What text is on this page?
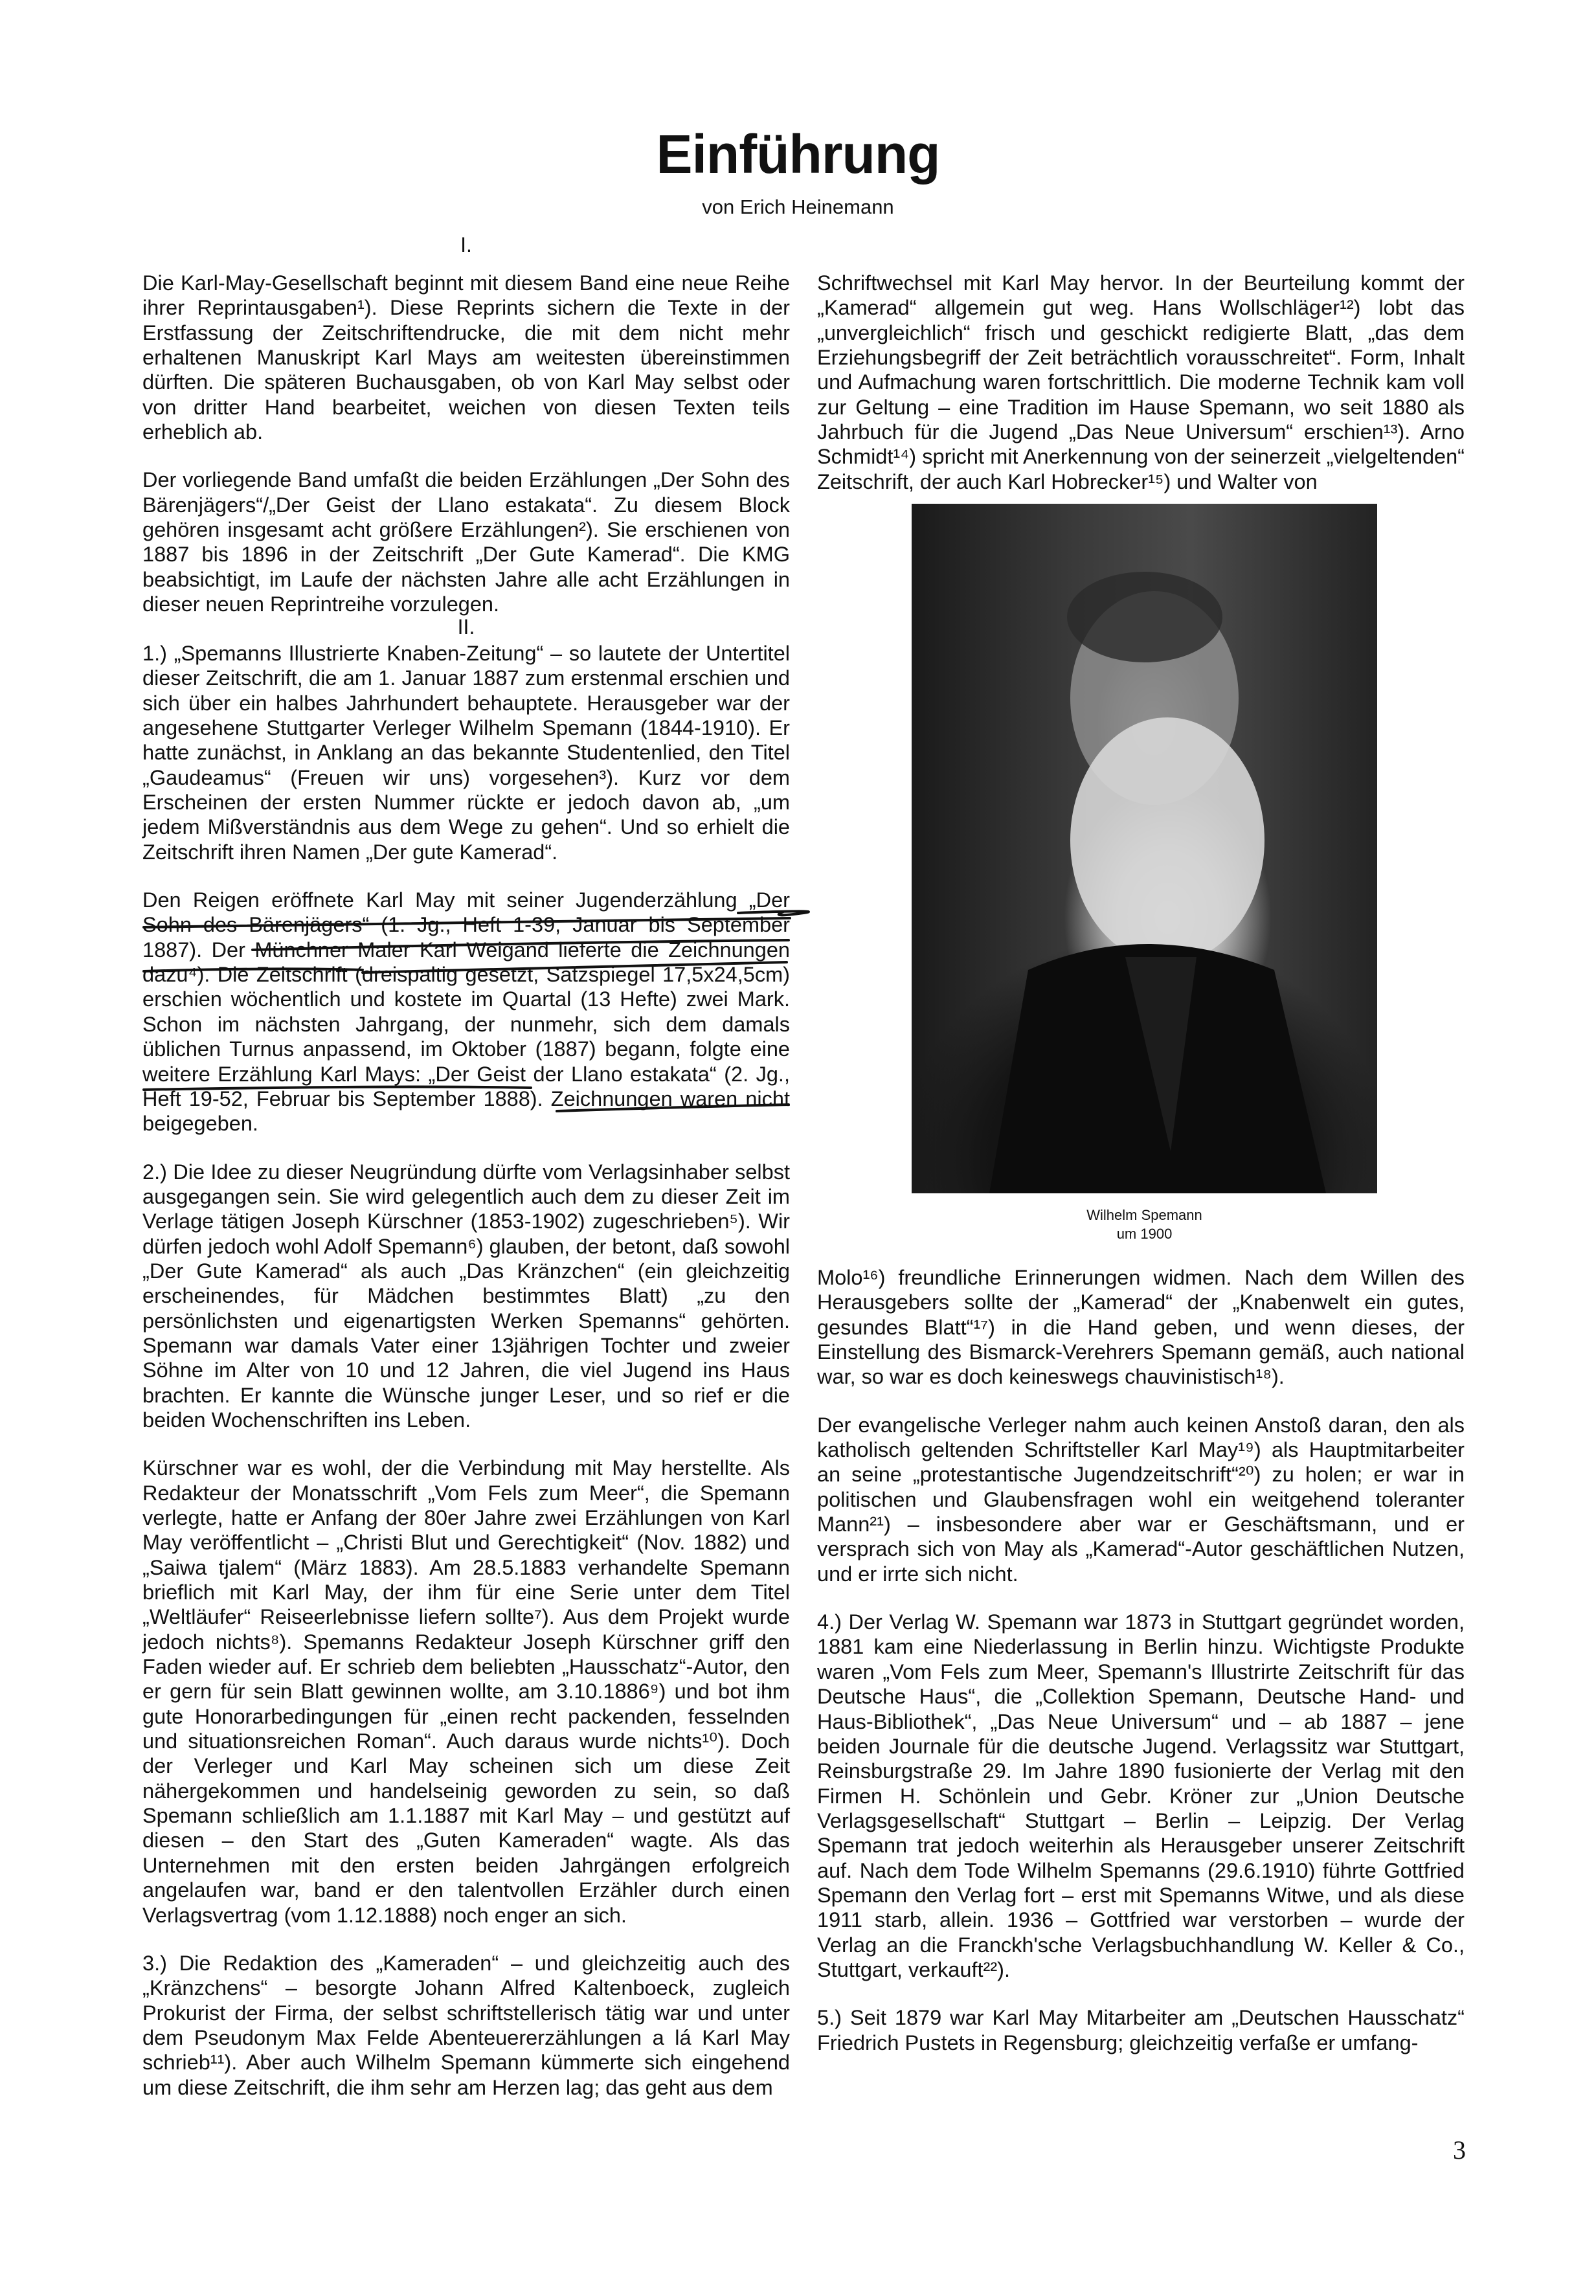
Einführung
von Erich Heinemann
I.

Die Karl-May-Gesellschaft beginnt mit diesem Band eine neue Reihe ihrer Reprintausgaben¹). Diese Reprints sichern die Texte in der Erstfassung der Zeitschriftendrucke, die mit dem nicht mehr erhaltenen Manuskript Karl Mays am weitesten übereinstimmen dürften. Die späteren Buchausgaben, ob von Karl May selbst oder von dritter Hand bearbeitet, weichen von diesen Texten teils erheblich ab.

Der vorliegende Band umfaßt die beiden Erzählungen „Der Sohn des Bärenjägers“/„Der Geist der Llano estakata“. Zu diesem Block gehören insgesamt acht größere Erzählungen²). Sie erschienen von 1887 bis 1896 in der Zeitschrift „Der Gute Kamerad“. Die KMG beabsichtigt, im Laufe der nächsten Jahre alle acht Erzählungen in dieser neuen Reprintreihe vorzulegen.

II.

1.) „Spemanns Illustrierte Knaben-Zeitung“ – so lautete der Untertitel dieser Zeitschrift, die am 1. Januar 1887 zum erstenmal erschien und sich über ein halbes Jahrhundert behauptete. Herausgeber war der angesehene Stuttgarter Verleger Wilhelm Spemann (1844-1910). Er hatte zunächst, in Anklang an das bekannte Studentenlied, den Titel „Gaudeamus“ (Freuen wir uns) vorgesehen³). Kurz vor dem Erscheinen der ersten Nummer rückte er jedoch davon ab, „um jedem Mißverständnis aus dem Wege zu gehen“. Und so erhielt die Zeitschrift ihren Namen „Der gute Kamerad“.

Den Reigen eröffnete Karl May mit seiner Jugenderzählung „Der Sohn des Bärenjägers“ (1. Jg., Heft 1-39, Januar bis September 1887). Der Münchner Maler Karl Weigand lieferte die Zeichnungen dazu⁴). Die Zeitschrift (dreispaltig gesetzt, Satzspiegel 17,5x24,5cm) erschien wöchentlich und kostete im Quartal (13 Hefte) zwei Mark. Schon im nächsten Jahrgang, der nunmehr, sich dem damals üblichen Turnus anpassend, im Oktober (1887) begann, folgte eine weitere Erzählung Karl Mays: „Der Geist der Llano estakata“ (2. Jg., Heft 19-52, Februar bis September 1888). Zeichnungen waren nicht beigegeben.

2.) Die Idee zu dieser Neugründung dürfte vom Verlagsinhaber selbst ausgegangen sein. Sie wird gelegentlich auch dem zu dieser Zeit im Verlage tätigen Joseph Kürschner (1853-1902) zugeschrieben⁵). Wir dürfen jedoch wohl Adolf Spemann⁶) glauben, der betont, daß sowohl „Der Gute Kamerad“ als auch „Das Kränzchen“ (ein gleichzeitig erscheinendes, für Mädchen bestimmtes Blatt) „zu den persönlichsten und eigenartigsten Werken Spemanns“ gehörten. Spemann war damals Vater einer 13jährigen Tochter und zweier Söhne im Alter von 10 und 12 Jahren, die viel Jugend ins Haus brachten. Er kannte die Wünsche junger Leser, und so rief er die beiden Wochenschriften ins Leben.

Kürschner war es wohl, der die Verbindung mit May herstellte. Als Redakteur der Monatsschrift „Vom Fels zum Meer“, die Spemann verlegte, hatte er Anfang der 80er Jahre zwei Erzählungen von Karl May veröffentlicht – „Christi Blut und Gerechtigkeit“ (Nov. 1882) und „Saiwa tjalem“ (März 1883). Am 28.5.1883 verhandelte Spemann brieflich mit Karl May, der ihm für eine Serie unter dem Titel „Weltläufer“ Reiseerlebnisse liefern sollte⁷). Aus dem Projekt wurde jedoch nichts⁸). Spemanns Redakteur Joseph Kürschner griff den Faden wieder auf. Er schrieb dem beliebten „Hausschatz“-Autor, den er gern für sein Blatt gewinnen wollte, am 3.10.1886⁹) und bot ihm gute Honorarbedingungen für „einen recht packenden, fesselnden und situationsreichen Roman“. Auch daraus wurde nichts¹⁰). Doch der Verleger und Karl May scheinen sich um diese Zeit nähergekommen und handelseinig geworden zu sein, so daß Spemann schließlich am 1.1.1887 mit Karl May – und gestützt auf diesen – den Start des „Guten Kameraden“ wagte. Als das Unternehmen mit den ersten beiden Jahrgängen erfolgreich angelaufen war, band er den talentvollen Erzähler durch einen Verlagsvertrag (vom 1.12.1888) noch enger an sich.

3.) Die Redaktion des „Kameraden“ – und gleichzeitig auch des „Kränzchens“ – besorgte Johann Alfred Kaltenboeck, zugleich Prokurist der Firma, der selbst schriftstellerisch tätig war und unter dem Pseudonym Max Felde Abenteuererzählungen a lá Karl May schrieb¹¹). Aber auch Wilhelm Spemann kümmerte sich eingehend um diese Zeitschrift, die ihm sehr am Herzen lag; das geht aus dem

Schriftwechsel mit Karl May hervor. In der Beurteilung kommt der „Kamerad“ allgemein gut weg. Hans Wollschläger¹²) lobt das „unvergleichlich“ frisch und geschickt redigierte Blatt, „das dem Erziehungsbegriff der Zeit beträchtlich vorausschreitet“. Form, Inhalt und Aufmachung waren fortschrittlich. Die moderne Technik kam voll zur Geltung – eine Tradition im Hause Spemann, wo seit 1880 als Jahrbuch für die Jugend „Das Neue Universum“ erschien¹³). Arno Schmidt¹⁴) spricht mit Anerkennung von der seinerzeit „vielgeltenden“ Zeitschrift, der auch Karl Hobrecker¹⁵) und Walter von

Wilhelm Spemann
um 1900

Molo¹⁶) freundliche Erinnerungen widmen. Nach dem Willen des Herausgebers sollte der „Kamerad“ der „Knabenwelt ein gutes, gesundes Blatt“¹⁷) in die Hand geben, und wenn dieses, der Einstellung des Bismarck-Verehrers Spemann gemäß, auch national war, so war es doch keineswegs chauvinistisch¹⁸).

Der evangelische Verleger nahm auch keinen Anstoß daran, den als katholisch geltenden Schriftsteller Karl May¹⁹) als Hauptmitarbeiter an seine „protestantische Jugendzeitschrift“²⁰) zu holen; er war in politischen und Glaubensfragen wohl ein weitgehend toleranter Mann²¹) – insbesondere aber war er Geschäftsmann, und er versprach sich von May als „Kamerad“-Autor geschäftlichen Nutzen, und er irrte sich nicht.

4.) Der Verlag W. Spemann war 1873 in Stuttgart gegründet worden, 1881 kam eine Niederlassung in Berlin hinzu. Wichtigste Produkte waren „Vom Fels zum Meer, Spemann's Illustrirte Zeitschrift für das Deutsche Haus“, die „Collektion Spemann, Deutsche Hand- und Haus-Bibliothek“, „Das Neue Universum“ und – ab 1887 – jene beiden Journale für die deutsche Jugend. Verlagssitz war Stuttgart, Reinsburgstraße 29. Im Jahre 1890 fusionierte der Verlag mit den Firmen H. Schönlein und Gebr. Kröner zur „Union Deutsche Verlagsgesellschaft“ Stuttgart – Berlin – Leipzig. Der Verlag Spemann trat jedoch weiterhin als Herausgeber unserer Zeitschrift auf. Nach dem Tode Wilhelm Spemanns (29.6.1910) führte Gottfried Spemann den Verlag fort – erst mit Spemanns Witwe, und als diese 1911 starb, allein. 1936 – Gottfried war verstorben – wurde der Verlag an die Franckh'sche Verlagsbuchhandlung W. Keller & Co., Stuttgart, verkauft²²).

5.) Seit 1879 war Karl May Mitarbeiter am „Deutschen Hausschatz“ Friedrich Pustets in Regensburg; gleichzeitig verfaße er umfang-

3
